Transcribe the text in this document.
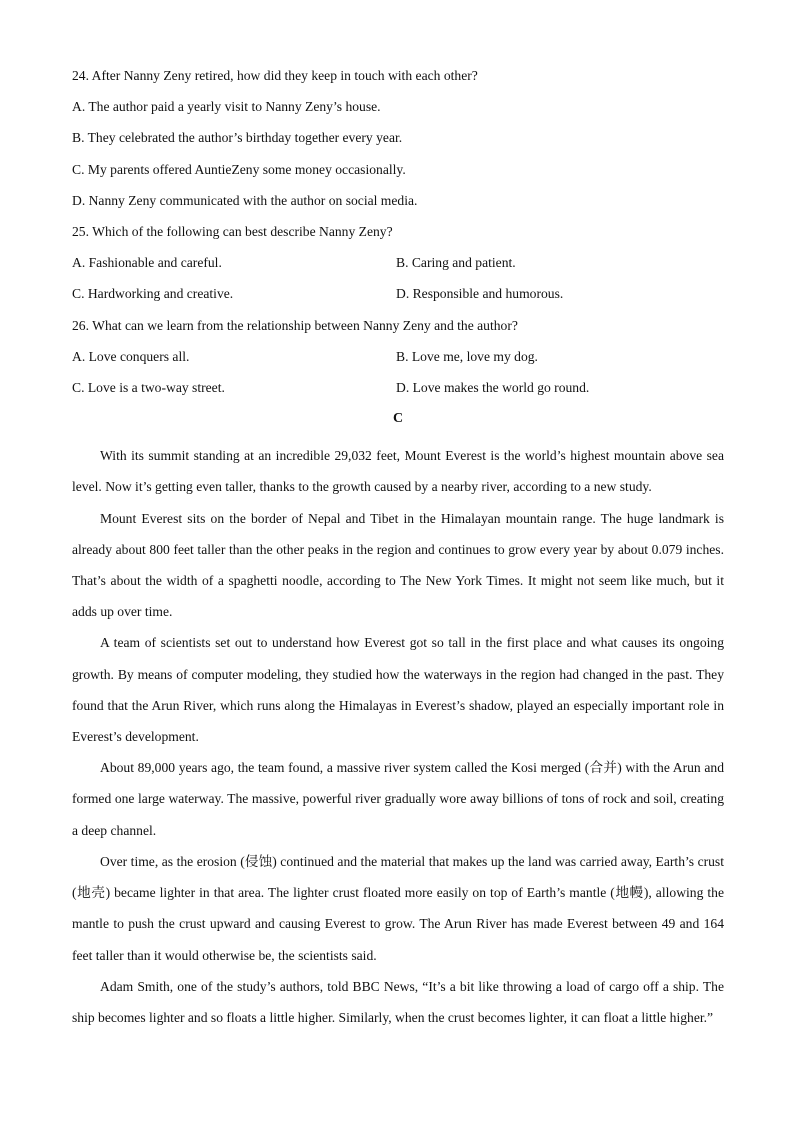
24. After Nanny Zeny retired, how did they keep in touch with each other?
A. The author paid a yearly visit to Nanny Zeny’s house.
B. They celebrated the author’s birthday together every year.
C. My parents offered AuntieZeny some money occasionally.
D. Nanny Zeny communicated with the author on social media.
25. Which of the following can best describe Nanny Zeny?
A. Fashionable and careful.	B. Caring and patient.
C. Hardworking and creative.	D. Responsible and humorous.
26. What can we learn from the relationship between Nanny Zeny and the author?
A. Love conquers all.	B. Love me, love my dog.
C. Love is a two-way street.	D. Love makes the world go round.
C

With its summit standing at an incredible 29,032 feet, Mount Everest is the world’s highest mountain above sea level. Now it’s getting even taller, thanks to the growth caused by a nearby river, according to a new study.

Mount Everest sits on the border of Nepal and Tibet in the Himalayan mountain range. The huge landmark is already about 800 feet taller than the other peaks in the region and continues to grow every year by about 0.079 inches. That’s about the width of a spaghetti noodle, according to The New York Times. It might not seem like much, but it adds up over time.

A team of scientists set out to understand how Everest got so tall in the first place and what causes its ongoing growth. By means of computer modeling, they studied how the waterways in the region had changed in the past. They found that the Arun River, which runs along the Himalayas in Everest’s shadow, played an especially important role in Everest’s development.

About 89,000 years ago, the team found, a massive river system called the Kosi merged (合并) with the Arun and formed one large waterway. The massive, powerful river gradually wore away billions of tons of rock and soil, creating a deep channel.

Over time, as the erosion (侵蚀) continued and the material that makes up the land was carried away, Earth’s crust (地壳) became lighter in that area. The lighter crust floated more easily on top of Earth’s mantle (地幔), allowing the mantle to push the crust upward and causing Everest to grow. The Arun River has made Everest between 49 and 164 feet taller than it would otherwise be, the scientists said.

Adam Smith, one of the study’s authors, told BBC News, “It’s a bit like throwing a load of cargo off a ship. The ship becomes lighter and so floats a little higher. Similarly, when the crust becomes lighter, it can float a little higher.”
